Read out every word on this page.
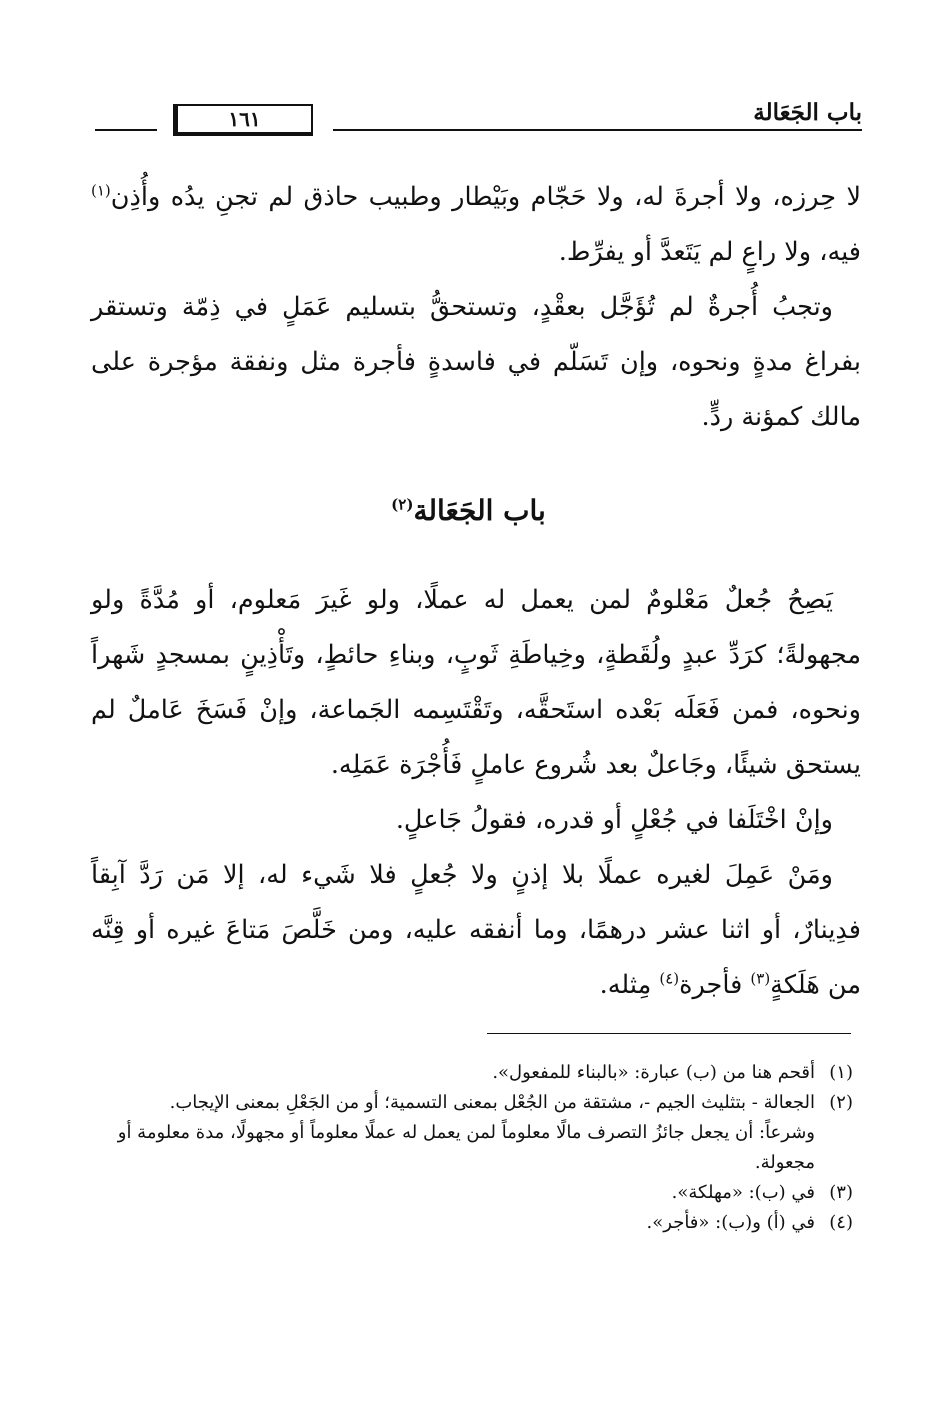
باب الجَعَالة
١٦١

لا حِرزه، ولا أجرةَ له، ولا حَجّام وبَيْطار وطبيب حاذق لم تجنِ يدُه وأُذِن$^{(١)}$ فيه، ولا راعٍ لم يَتَعدَّ أو يفرِّط.

وتجبُ أُجرةٌ لم تُؤَجَّل بعقْدٍ، وتستحقُّ بتسليم عَمَلٍ في ذِمّة وتستقر بفراغ مدةٍ ونحوه، وإن تَسَلّم في فاسدةٍ فأجرة مثل ونفقة مؤجرة على مالك كمؤنة ردٍّ.

باب الجَعَالة$^{(٢)}$

يَصِحُ جُعلٌ مَعْلومٌ لمن يعمل له عملًا، ولو غَيرَ مَعلوم، أو مُدَّةً ولو مجهولةً؛ كرَدِّ عبدٍ ولُقَطةٍ، وخِياطَةِ ثَوبٍ، وبناءِ حائطٍ، وتَأْذِينٍ بمسجدٍ شَهراً ونحوه، فمن فَعَلَه بَعْده استَحقَّه، وتَقْتَسِمه الجَماعة، وإنْ فَسَخَ عَاملٌ لم يستحق شيئًا، وجَاعلٌ بعد شُروع عاملٍ فَأُجْرَة عَمَلِه.

وإنْ اخْتَلَفا في جُعْلٍ أو قدره، فقولُ جَاعلٍ.

ومَنْ عَمِلَ لغيره عملًا بلا إذنٍ ولا جُعلٍ فلا شَيء له، إلا مَن رَدَّ آبِقاً فدِينارٌ، أو اثنا عشر درهمًا، وما أنفقه عليه، ومن خَلَّصَ مَتاعَ غيره أو قِنَّه من هَلَكةٍ$^{(٣)}$ فأجرة$^{(٤)}$ مِثله.

(١)
أقحم هنا من (ب) عبارة: «بالبناء للمفعول».

(٢)
الجعالة - بتثليث الجيم -، مشتقة من الجُعْل بمعنى التسمية؛ أو من الجَعْلِ بمعنى الإيجاب.

وشرعاً: أن يجعل جائزُ التصرف مالًا معلوماً لمن يعمل له عملًا معلوماً أو مجهولًا، مدة معلومة أو مجعولة.

(٣)
في (ب): «مهلكة».

(٤)
في (أ) و(ب): «فأجر».
